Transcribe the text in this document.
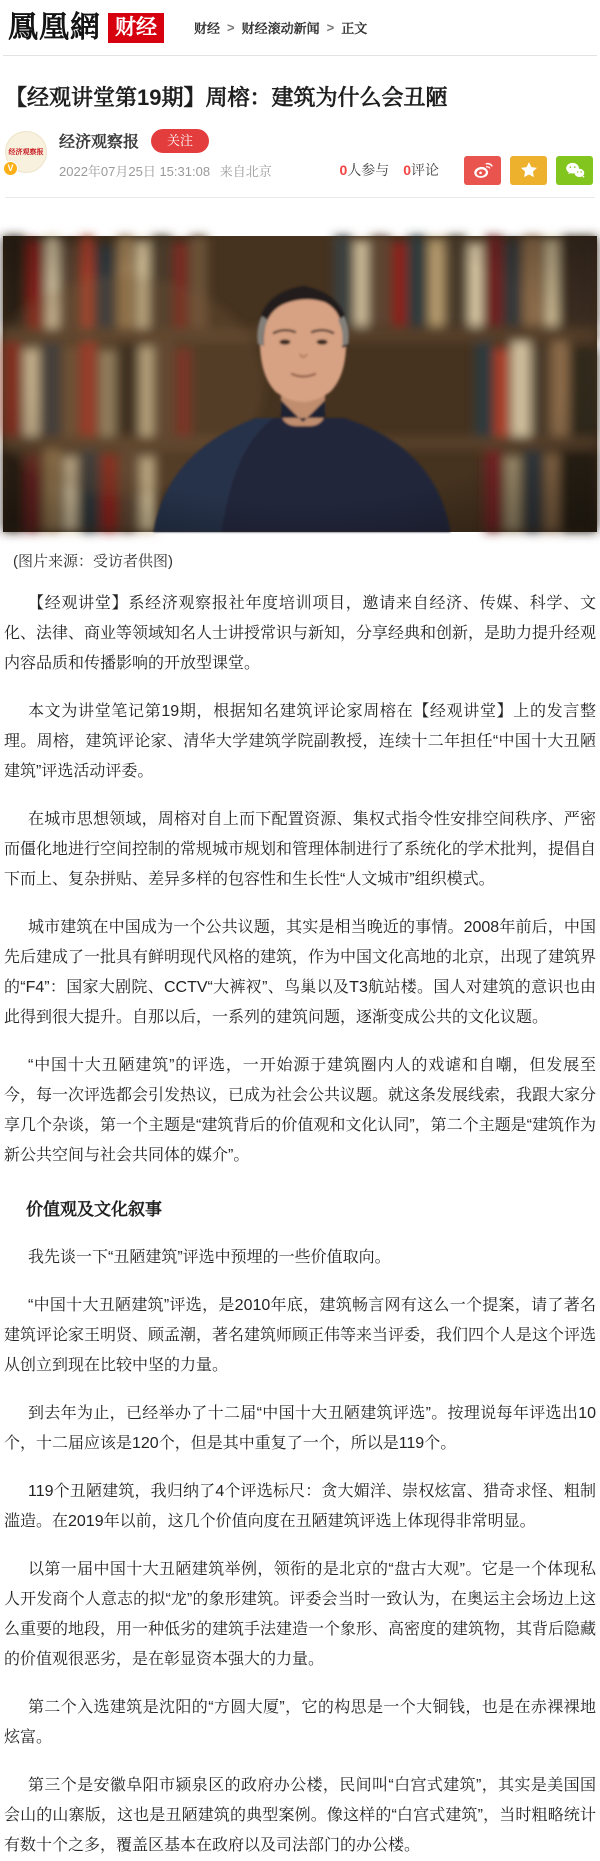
鳳凰網 财经	财经 > 财经滚动新闻 > 正文
【经观讲堂第19期】周榕：建筑为什么会丑陋
经济观察报
V
经济观察报	关注
2022年07月25日 15:31:08 来自北京	0人参与 0评论
(图片来源：受访者供图)

【经观讲堂】系经济观察报社年度培训项目，邀请来自经济、传媒、科学、文化、法律、商业等领域知名人士讲授常识与新知，分享经典和创新，是助力提升经观内容品质和传播影响的开放型课堂。

本文为讲堂笔记第19期，根据知名建筑评论家周榕在【经观讲堂】上的发言整理。周榕，建筑评论家、清华大学建筑学院副教授，连续十二年担任“中国十大丑陋建筑”评选活动评委。

在城市思想领域，周榕对自上而下配置资源、集权式指令性安排空间秩序、严密而僵化地进行空间控制的常规城市规划和管理体制进行了系统化的学术批判，提倡自下而上、复杂拼贴、差异多样的包容性和生长性“人文城市”组织模式。

城市建筑在中国成为一个公共议题，其实是相当晚近的事情。2008年前后，中国先后建成了一批具有鲜明现代风格的建筑，作为中国文化高地的北京，出现了建筑界的“F4”：国家大剧院、CCTV“大裤衩”、鸟巢以及T3航站楼。国人对建筑的意识也由此得到很大提升。自那以后，一系列的建筑问题，逐渐变成公共的文化议题。

“中国十大丑陋建筑”的评选，一开始源于建筑圈内人的戏谑和自嘲，但发展至今，每一次评选都会引发热议，已成为社会公共议题。就这条发展线索，我跟大家分享几个杂谈，第一个主题是“建筑背后的价值观和文化认同”，第二个主题是“建筑作为新公共空间与社会共同体的媒介”。

价值观及文化叙事

我先谈一下“丑陋建筑”评选中预埋的一些价值取向。

“中国十大丑陋建筑”评选，是2010年底，建筑畅言网有这么一个提案，请了著名建筑评论家王明贤、顾孟潮，著名建筑师顾正伟等来当评委，我们四个人是这个评选从创立到现在比较中坚的力量。

到去年为止，已经举办了十二届“中国十大丑陋建筑评选”。按理说每年评选出10个，十二届应该是120个，但是其中重复了一个，所以是119个。

119个丑陋建筑，我归纳了4个评选标尺：贪大媚洋、崇权炫富、猎奇求怪、粗制滥造。在2019年以前，这几个价值向度在丑陋建筑评选上体现得非常明显。

以第一届中国十大丑陋建筑举例，领衔的是北京的“盘古大观”。它是一个体现私人开发商个人意志的拟“龙”的象形建筑。评委会当时一致认为，在奥运主会场边上这么重要的地段，用一种低劣的建筑手法建造一个象形、高密度的建筑物，其背后隐藏的价值观很恶劣，是在彰显资本强大的力量。

第二个入选建筑是沈阳的“方圆大厦”，它的构思是一个大铜钱，也是在赤裸裸地炫富。

第三个是安徽阜阳市颍泉区的政府办公楼，民间叫“白宫式建筑”，其实是美国国会山的山寨版，这也是丑陋建筑的典型案例。像这样的“白宫式建筑”，当时粗略统计有数十个之多，覆盖区基本在政府以及司法部门的办公楼。
